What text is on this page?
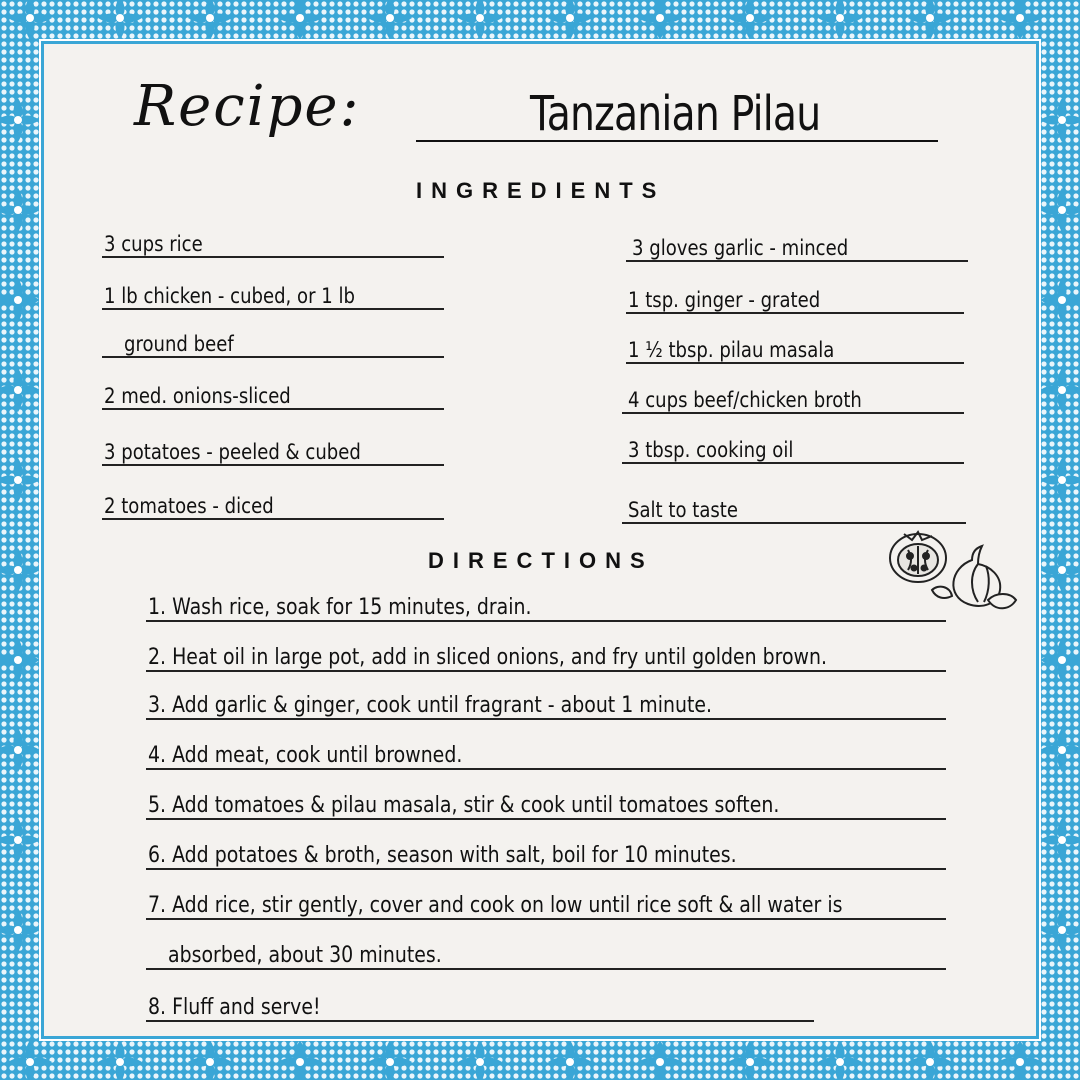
Recipe:	Tanzanian Pilau
INGREDIENTS
3 cups rice
1 lb chicken - cubed, or 1 lb
ground beef
2 med. onions-sliced
3 potatoes - peeled & cubed
2 tomatoes - diced
3 gloves garlic - minced
1 tsp. ginger - grated
1 ½ tbsp. pilau masala
4 cups beef/chicken broth
3 tbsp. cooking oil
Salt to taste
DIRECTIONS
1. Wash rice, soak for 15 minutes, drain.
2. Heat oil in large pot, add in sliced onions, and fry until golden brown.
3. Add garlic & ginger, cook until fragrant - about 1 minute.
4. Add meat, cook until browned.
5. Add tomatoes & pilau masala, stir & cook until tomatoes soften.
6. Add potatoes & broth, season with salt, boil for 10 minutes.
7. Add rice, stir gently, cover and cook on low until rice soft & all water is
absorbed, about 30 minutes.
8. Fluff and serve!
